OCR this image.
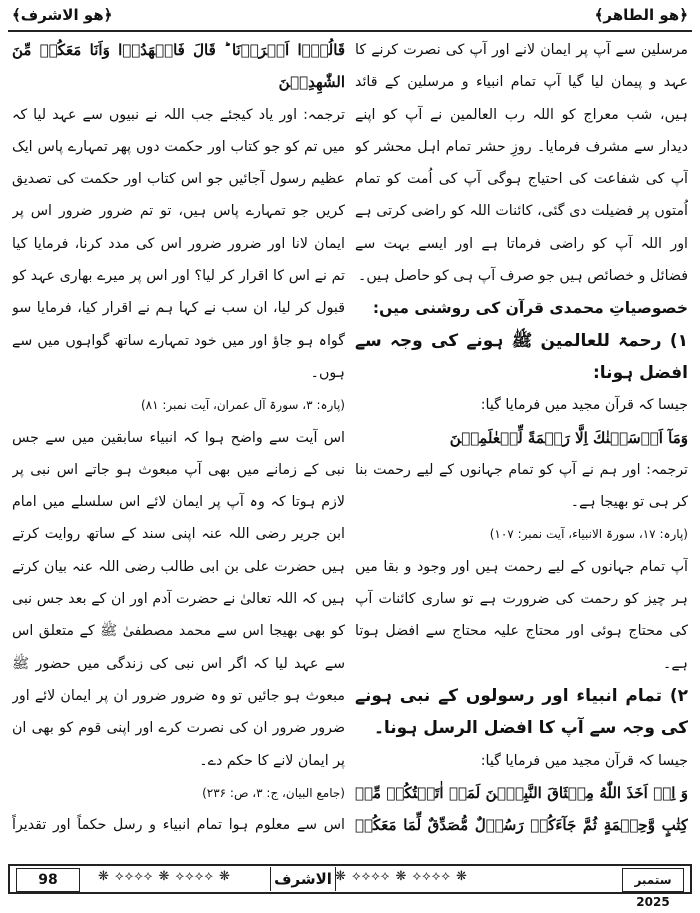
﴿هو الطاهر﴾
﴿هو الاشرف﴾

مرسلین سے آپ پر ایمان لانے اور آپ کی نصرت کرنے کا عہد و پیمان لیا گیا آپ تمام انبیاء و مرسلین کے قائد ہیں، شب معراج کو اللہ رب العالمین نے آپ کو اپنے دیدار سے مشرف فرمایا۔ روزِ حشر تمام اہل محشر کو آپ کی شفاعت کی احتیاج ہوگی آپ کی اُمت کو تمام اُمتوں پر فضیلت دی گئی، کائنات اللہ کو راضی کرتی ہے اور اللہ آپ کو راضی فرماتا ہے اور ایسے بہت سے فضائل و خصائص ہیں جو صرف آپ ہی کو حاصل ہیں۔

خصوصیاتِ محمدی قرآن کی روشنی میں:

۱) رحمۃ للعالمین ﷺ ہونے کی وجہ سے افضل ہونا:

جیسا کہ قرآن مجید میں فرمایا گیا:

وَمَآ اَرۡسَلۡنٰكَ اِلَّا رَحۡمَةً لِّلۡعٰلَمِيۡنَ

ترجمہ: اور ہم نے آپ کو تمام جہانوں کے لیے رحمت بنا کر ہی تو بھیجا ہے۔

(پارہ: ۱۷، سورۃ الانبیاء، آیت نمبر: ۱۰۷)

آپ تمام جہانوں کے لیے رحمت ہیں اور وجود و بقا میں ہر چیز کو رحمت کی ضرورت ہے تو ساری کائنات آپ کی محتاج ہوئی اور محتاج علیہ محتاج سے افضل ہوتا ہے۔

۲) تمام انبیاء اور رسولوں کے نبی ہونے کی وجہ سے آپ کا افضل الرسل ہونا۔

جیسا کہ قرآن مجید میں فرمایا گیا:

وَ اِذۡ اَخَذَ اللّٰهُ مِيۡثَاقَ النَّبِيّٖنَ لَمَاۤ اٰتَيۡتُكُمۡ مِّنۡ كِتٰبٍ وَّحِكۡمَةٍ ثُمَّ جَآءَكُمۡ رَسُوۡلٌ مُّصَدِّقٌ لِّمَا مَعَكُمۡ

قَالُوۡۤا اَقۡرَرۡنَا ؕ قَالَ فَاشۡهَدُوۡا وَاَنَا مَعَكُمۡ مِّنَ الشّٰهِدِيۡنَ

ترجمہ: اور یاد کیجئے جب اللہ نے نبیوں سے عہد لیا کہ میں تم کو جو کتاب اور حکمت دوں پھر تمہارے پاس ایک عظیم رسول آجائیں جو اس کتاب اور حکمت کی تصدیق کریں جو تمہارے پاس ہیں، تو تم ضرور ضرور اس پر ایمان لانا اور ضرور ضرور اس کی مدد کرنا، فرمایا کیا تم نے اس کا اقرار کر لیا؟ اور اس پر میرے بھاری عہد کو قبول کر لیا، ان سب نے کہا ہم نے اقرار کیا، فرمایا سو گواہ ہو جاؤ اور میں خود تمہارے ساتھ گواہوں میں سے ہوں۔

(پارہ: ۳، سورۃ آل عمران، آیت نمبر: ۸۱)

اس آیت سے واضح ہوا کہ انبیاء سابقین میں سے جس نبی کے زمانے میں بھی آپ مبعوث ہو جاتے اس نبی پر لازم ہوتا کہ وہ آپ پر ایمان لائے اس سلسلے میں امام ابن جریر رضی اللہ عنہ اپنی سند کے ساتھ روایت کرتے ہیں حضرت علی بن ابی طالب رضی اللہ عنہ بیان کرتے ہیں کہ اللہ تعالیٰ نے حضرت آدم اور ان کے بعد جس نبی کو بھی بھیجا اس سے محمد مصطفیٰ ﷺ کے متعلق اس سے عہد لیا کہ اگر اس نبی کی زندگی میں حضور ﷺ مبعوث ہو جائیں تو وہ ضرور ضرور ان پر ایمان لائے اور ضرور ضرور ان کی نصرت کرے اور اپنی قوم کو بھی ان پر ایمان لانے کا حکم دے۔

(جامع البیان، ج: ۳، ص: ۲۳۶)

اس سے معلوم ہوا تمام انبیاء و رسل حکماً اور تقدیراً

98	❋ ⟡⟡⟡⟡ ❋ ⟡⟡⟡⟡ ❋	الاشرف ❋ ⟡⟡⟡⟡ ❋ ⟡⟡⟡⟡ ❋	ستمبر 2025
